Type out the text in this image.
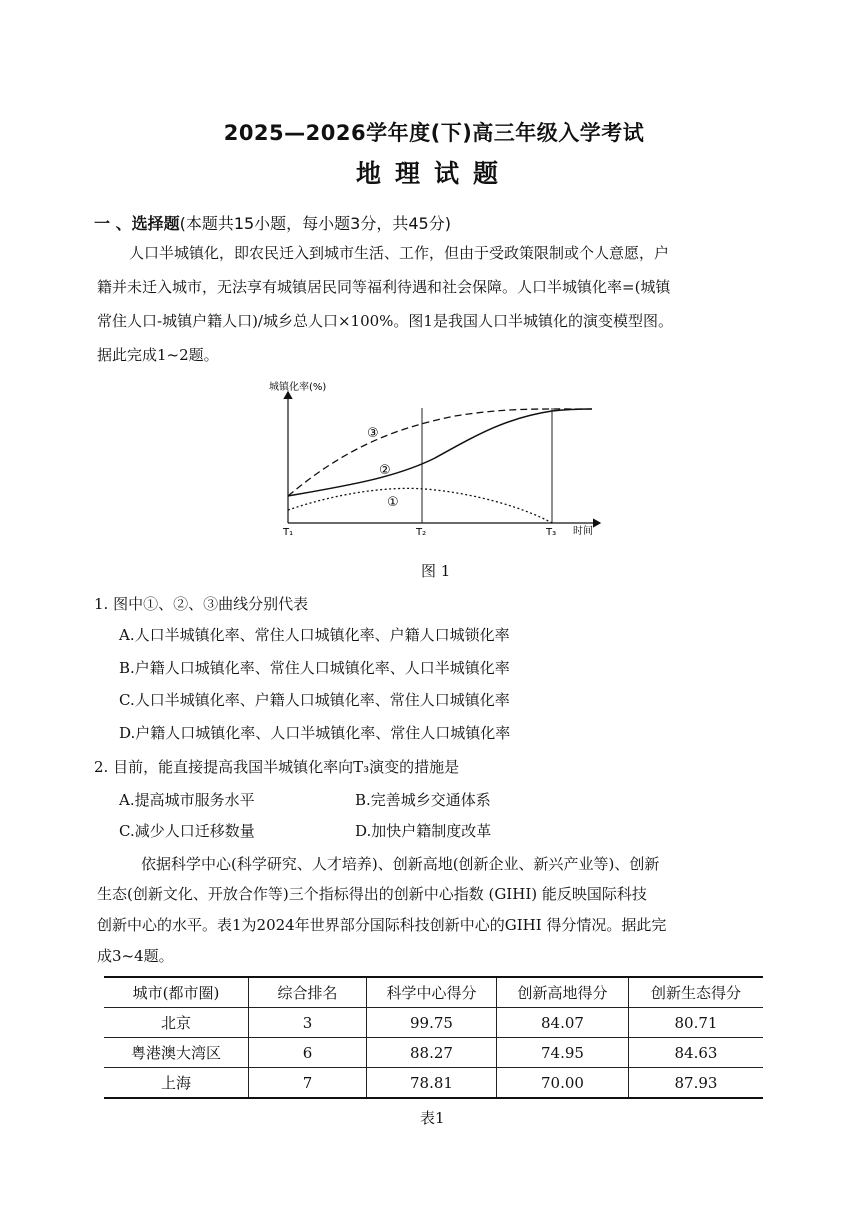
2025—2026学年度(下)高三年级入学考试
地理试题
一 、选择题(本题共15小题，每小题3分，共45分)
人口半城镇化，即农民迁入到城市生活、工作，但由于受政策限制或个人意愿，户
籍并未迁入城市，无法享有城镇居民同等福利待遇和社会保障。人口半城镇化率=(城镇
常住人口-城镇户籍人口)/城乡总人口×100%。图1是我国人口半城镇化的演变模型图。
据此完成1~2题。
城镇化率(%)
时间
T₁	T₂	T₃
①
②
③
图 1
1. 图中①、②、③曲线分别代表
A.人口半城镇化率、常住人口城镇化率、户籍人口城锁化率
B.户籍人口城镇化率、常住人口城镇化率、人口半城镇化率
C.人口半城镇化率、户籍人口城镇化率、常住人口城镇化率
D.户籍人口城镇化率、人口半城镇化率、常住人口城镇化率
2. 目前，能直接提高我国半城镇化率向T₃演变的措施是
A.提高城市服务水平	B.完善城乡交通体系
C.减少人口迁移数量	D.加快户籍制度改革
依据科学中心(科学研究、人才培养)、创新高地(创新企业、新兴产业等)、创新
生态(创新文化、开放合作等)三个指标得出的创新中心指数 (GIHI) 能反映国际科技
创新中心的水平。表1为2024年世界部分国际科技创新中心的GIHI 得分情况。据此完
成3~4题。
城市(都市圈)	综合排名	科学中心得分	创新高地得分	创新生态得分
北京	3	99.75	84.07	80.71
粤港澳大湾区	6	88.27	74.95	84.63
上海	7	78.81	70.00	87.93
表1
